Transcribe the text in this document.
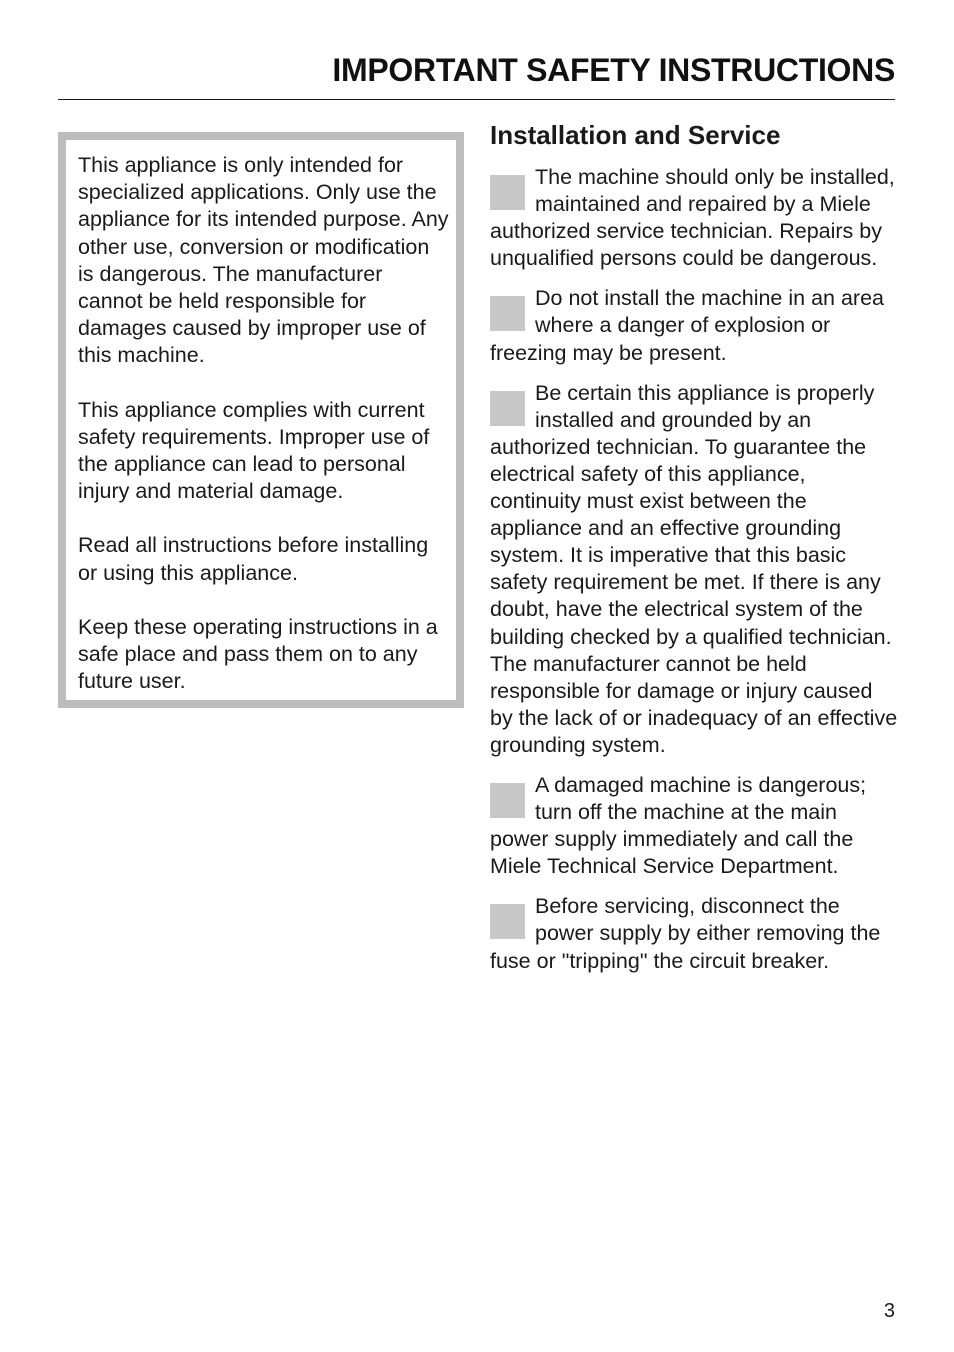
IMPORTANT SAFETY INSTRUCTIONS

This appliance is only intended for specialized applications. Only use the appliance for its intended purpose. Any other use, conversion or modification is dangerous. The manufacturer cannot be held responsible for damages caused by improper use of this machine.

This appliance complies with current safety requirements. Improper use of the appliance can lead to personal injury and material damage.

Read all instructions before installing or using this appliance.

Keep these operating instructions in a safe place and pass them on to any future user.

Installation and Service
The machine should only be installed, maintained and repaired by a Miele authorized service technician. Repairs by unqualified persons could be dangerous.
Do not install the machine in an area where a danger of explosion or freezing may be present.
Be certain this appliance is properly installed and grounded by an authorized technician. To guarantee the electrical safety of this appliance, continuity must exist between the appliance and an effective grounding system. It is imperative that this basic safety requirement be met. If there is any doubt, have the electrical system of the building checked by a qualified technician. The manufacturer cannot be held responsible for damage or injury caused by the lack of or inadequacy of an effective grounding system.
A damaged machine is dangerous; turn off the machine at the main power supply immediately and call the Miele Technical Service Department.
Before servicing, disconnect the power supply by either removing the fuse or "tripping" the circuit breaker.
3
